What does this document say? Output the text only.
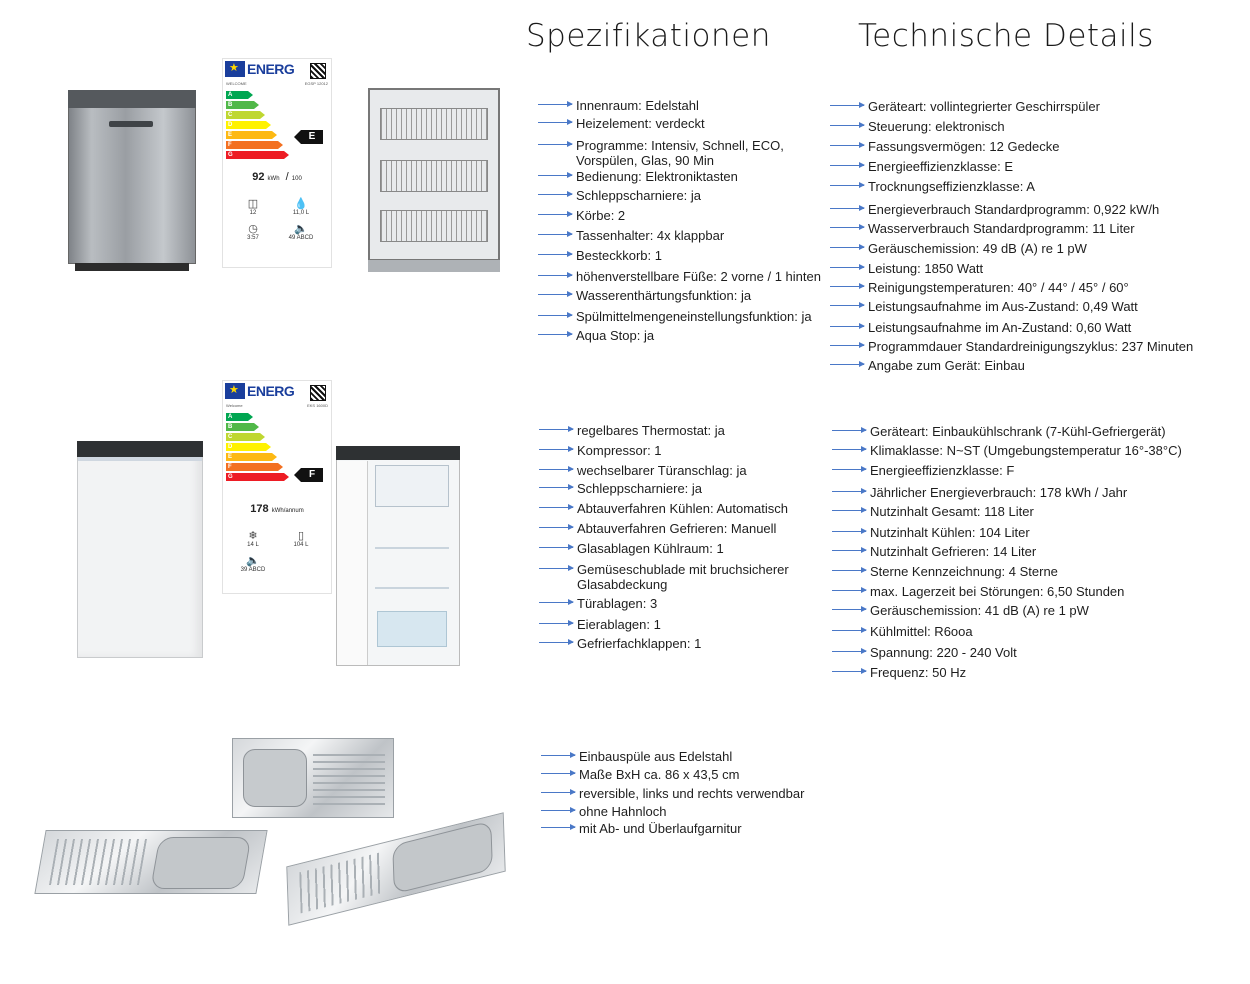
Spezifikationen	Technische Details
★
ENERG
WELCOME	EGSP 12012
A
B
C
D
E
F
G
E
92 kWh  / 100
◫
12
💧
11,0 L
◷
3:57
🔈
49 ABCD
★
ENERG
Welcome	EKS 1600D
A
B
C
D
E
F
G	F
178 kWh/annum
❄
14 L
▯
104 L
🔈
39 ABCD
Innenraum: Edelstahl
Heizelement: verdeckt
Programme: Intensiv, Schnell, ECO, Vorspülen, Glas, 90 Min
Bedienung: Elektroniktasten
Schleppscharniere: ja
Körbe: 2
Tassenhalter: 4x klappbar
Besteckkorb: 1
höhenverstellbare Füße: 2 vorne / 1 hinten
Wasserenthärtungsfunktion: ja
Spülmittelmengeneinstellungsfunktion: ja
Aqua Stop: ja
Geräteart: vollintegrierter Geschirrspüler
Steuerung: elektronisch
Fassungsvermögen: 12 Gedecke
Energieeffizienzklasse: E
Trocknungseffizienzklasse: A
Energieverbrauch Standardprogramm: 0,922 kW/h
Wasserverbrauch Standardprogramm: 11 Liter
Geräuschemission: 49 dB (A) re 1 pW
Leistung: 1850 Watt
Reinigungstemperaturen: 40° / 44° / 45° / 60°
Leistungsaufnahme im Aus-Zustand: 0,49 Watt
Leistungsaufnahme im An-Zustand: 0,60 Watt
Programmdauer Standardreinigungszyklus: 237 Minuten
Angabe zum Gerät: Einbau
regelbares Thermostat: ja
Kompressor: 1
wechselbarer Türanschlag: ja
Schleppscharniere: ja
Abtauverfahren Kühlen: Automatisch
Abtauverfahren Gefrieren: Manuell
Glasablagen Kühlraum: 1
Gemüseschublade mit bruchsicherer Glasabdeckung
Türablagen: 3
Eierablagen: 1
Gefrierfachklappen: 1
Geräteart: Einbaukühlschrank (7-Kühl-Gefriergerät)
Klimaklasse: N~ST (Umgebungstemperatur 16°-38°C)
Energieeffizienzklasse: F
Jährlicher Energieverbrauch: 178 kWh / Jahr
Nutzinhalt Gesamt: 118 Liter
Nutzinhalt Kühlen: 104 Liter
Nutzinhalt Gefrieren: 14 Liter
Sterne Kennzeichnung: 4 Sterne
max. Lagerzeit bei Störungen: 6,50 Stunden
Geräuschemission: 41 dB (A) re 1 pW
Kühlmittel: R6ooa
Spannung: 220 - 240 Volt
Frequenz: 50 Hz
Einbauspüle aus Edelstahl
Maße BxH ca. 86 x 43,5 cm
reversible, links und rechts verwendbar
ohne Hahnloch
mit Ab- und Überlaufgarnitur
